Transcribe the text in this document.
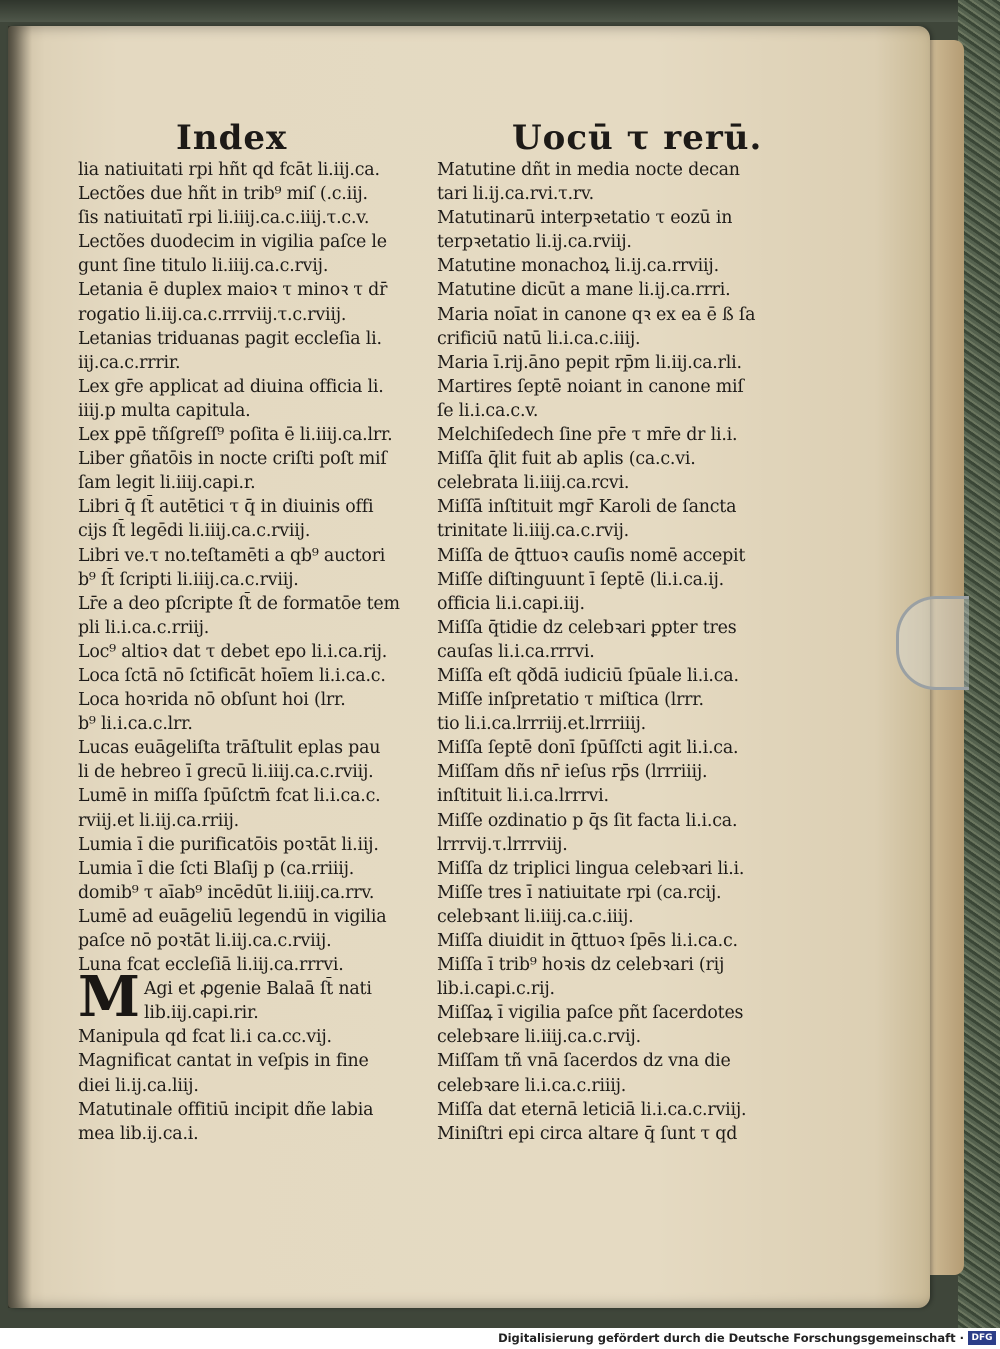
Index	Uocū τ rerū.
lia natiuitati rpi hñt qd fcāt li.iij.ca.
Lectões due hñt in trib⁹ miſ (.c.iij.
ſis natiuitatī rpi li.iiij.ca.c.iiij.τ.c.v.
Lectões duodecim in vigilia paſce le
gunt ſine titulo li.iiij.ca.c.rvij.
Letania ē duplex maioꝛ τ minoꝛ τ dr̄
rogatio li.iij.ca.c.rrrviij.τ.c.rviij.
Letanias triduanas pagit eccleſia li.
iij.ca.c.rrrir.
Lex gr̄e applicat ad diuina officia li.
iiij.p multa capitula.
Lex ꝑpē tñſgreſſ⁹ poſita ē li.iiij.ca.lrr.
Liber gñatōis in nocte criſti poſt miſ
ſam legit li.iiij.capi.r.
Libri q̄ ſt̄ autētici τ q̄ in diuinis offi
cijs ſt̄ legēdi li.iiij.ca.c.rviij.
Libri ve.τ no.teſtamēti a qb⁹ auctori
b⁹ ſt̄ ſcripti li.iiij.ca.c.rviij.
Lr̄e a deo pſcripte ſt̄ de formatōe tem
pli li.i.ca.c.rriij.
Loc⁹ altioꝛ dat τ debet epo li.i.ca.rij.
Loca ſctā nō ſctificāt hoīem li.i.ca.c.
Loca hoꝛrida nō obſunt hoi (lrr.
b⁹ li.i.ca.c.lrr.
Lucas euāgeliſta trāſtulit eplas pau
li de hebreo ī grecū li.iiij.ca.c.rviij.
Lumē in miſſa ſpūſctm̄ fcat li.i.ca.c.
rviij.et li.iij.ca.rriij.
Lumia ī die purificatōis poꝛtāt li.iij.
Lumia ī die ſcti Blaſij p (ca.rriiij.
domib⁹ τ aīab⁹ incēdūt li.iiij.ca.rrv.
Lumē ad euāgeliū legendū in vigilia
paſce nō poꝛtāt li.iij.ca.c.rviij.
Luna fcat eccleſiā li.iij.ca.rrrvi.
Agi et ꝓgenie Balaā ſt̄ nati
lib.iij.capi.rir.
Manipula qd fcat li.i ca.cc.vij.
Magnificat cantat in veſpis in fine
diei li.ij.ca.liij.
Matutinale offitiū incipit dñe labia
mea lib.ij.ca.i.
Matutine dñt in media nocte decan
tari li.ij.ca.rvi.τ.rv.
Matutinarū interpꝛetatio τ eozū in
terpꝛetatio li.ij.ca.rviij.
Matutine monachoꝝ li.ij.ca.rrviij.
Matutine dicūt a mane li.ij.ca.rrri.
Maria noīat in canone qꝛ ex ea ē ß ſa
crificiū natū li.i.ca.c.iiij.
Maria ī.rij.āno pepit rp̄m li.iij.ca.rli.
Martires ſeptē noiant in canone miſ
ſe li.i.ca.c.v.
Melchiſedech ſine pr̄e τ mr̄e dr li.i.
Miſſa q̄lit fuit ab aplis (ca.c.vi.
celebrata li.iiij.ca.rcvi.
Miſſā inſtituit mgr̄ Karoli de ſancta
trinitate li.iiij.ca.c.rvij.
Miſſa de q̄ttuoꝛ cauſis nomē accepit
Miſſe diſtinguunt ī ſeptē (li.i.ca.ij.
officia li.i.capi.iij.
Miſſa q̄tidie dz celebꝛari ꝑpter tres
cauſas li.i.ca.rrrvi.
Miſſa eſt qðdā iudiciū ſpūale li.i.ca.
Miſſe inſpretatio τ miſtica (lrrr.
tio li.i.ca.lrrriij.et.lrrriiij.
Miſſa ſeptē donī ſpūſſcti agit li.i.ca.
Miſſam dñs nr̄ ieſus rp̄s (lrrriiij.
inſtituit li.i.ca.lrrrvi.
Miſſe ozdinatio p q̄s ſit facta li.i.ca.
lrrrvij.τ.lrrrviij.
Miſſa dz triplici lingua celebꝛari li.i.
Miſſe tres ī natiuitate rpi (ca.rcij.
celebꝛant li.iiij.ca.c.iiij.
Miſſa diuidit in q̄ttuoꝛ ſpēs li.i.ca.c.
Miſſa ī trib⁹ hoꝛis dz celebꝛari (rij
lib.i.capi.c.rij.
Miſſaꝝ ī vigilia paſce pñt ſacerdotes
celebꝛare li.iiij.ca.c.rvij.
Miſſam tñ vnā ſacerdos dz vna die
celebꝛare li.i.ca.c.riiij.
Miſſa dat eternā leticiā li.i.ca.c.rviij.
Miniſtri epi circa altare q̄ ſunt τ qd
M
Digitalisierung gefördert durch die Deutsche Forschungsgemeinschaft · DFG
